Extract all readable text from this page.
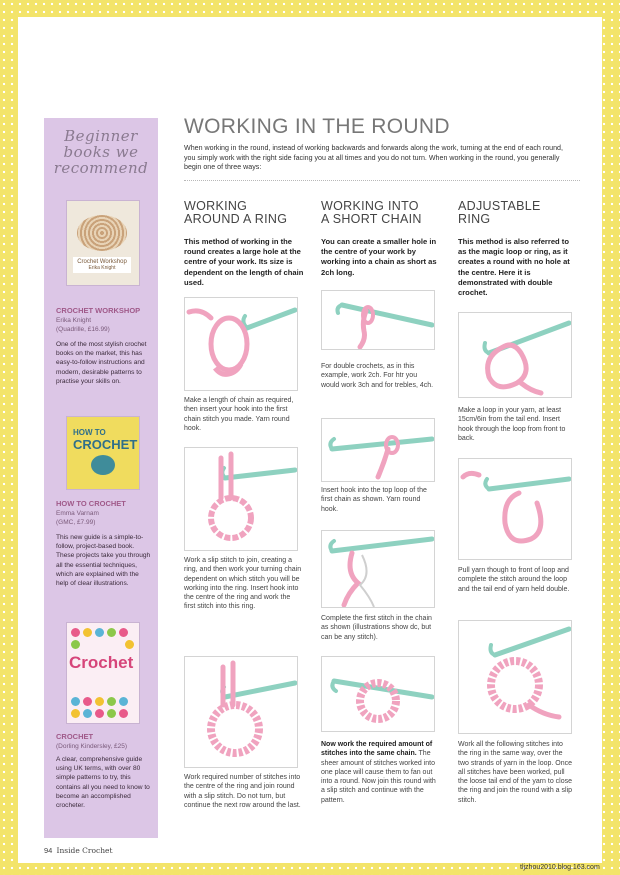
Beginner
books we
recommend
Crochet Workshop
Erika Knight
CROCHET WORKSHOP
Erika Knight
(Quadrille, £16.99)
One of the most stylish crochet books on the market, this has easy-to-follow instructions and modern, desirable patterns to practise your skills on.
HOW TO
CROCHET
HOW TO CROCHET
Emma Varnam
(GMC, £7.99)
This new guide is a simple-to-follow, project-based book. These projects take you through all the essential techniques, which are explained with the help of clear illustrations.
Crochet
CROCHET
(Dorling Kindersley, £25)
A clear, comprehensive guide using UK terms, with over 80 simple patterns to try, this contains all you need to know to become an accomplished crocheter.
WORKING IN THE ROUND
When working in the round, instead of working backwards and forwards along the work, turning at the end of each round, you simply work with the right side facing you at all times and you do not turn. When working in the round, you generally begin one of three ways:
WORKING
AROUND A RING
This method of working in the round creates a large hole at the centre of your work. Its size is dependent on the length of chain used.
Make a length of chain as required, then insert your hook into the first chain stitch you made. Yarn round hook.
Work a slip stitch to join, creating a ring, and then work your turning chain dependent on which stitch you will be working into the ring. Insert hook into the centre of the ring and work the first stitch into this ring.
Work required number of stitches into the centre of the ring and join round with a slip stitch. Do not turn, but continue the next row around the last.
WORKING INTO
A SHORT CHAIN
You can create a smaller hole in the centre of your work by working into a chain as short as 2ch long.
For double crochets, as in this example, work 2ch. For htr you would work 3ch and for trebles, 4ch.
Insert hook into the top loop of the first chain as shown. Yarn round hook.
Complete the first stitch in the chain as shown (illustrations show dc, but can be any stitch).
Now work the required amount of stitches into the same chain. The sheer amount of stitches worked into one place will cause them to fan out into a round. Now join this round with a slip stitch and continue with the pattern.
ADJUSTABLE
RING
This method is also referred to as the magic loop or ring, as it creates a round with no hole at the centre. Here it is demonstrated with double crochet.
Make a loop in your yarn, at least 15cm/6in from the tail end. Insert hook through the loop from front to back.
Pull yarn though to front of loop and complete the stitch around the loop and the tail end of yarn held double.
Work all the following stitches into the ring in the same way, over the two strands of yarn in the loop. Once all stitches have been worked, pull the loose tail end of the yarn to close the ring and join the round with a slip stitch.
94 Inside Crochet
tljzhou2010.blog.163.com
